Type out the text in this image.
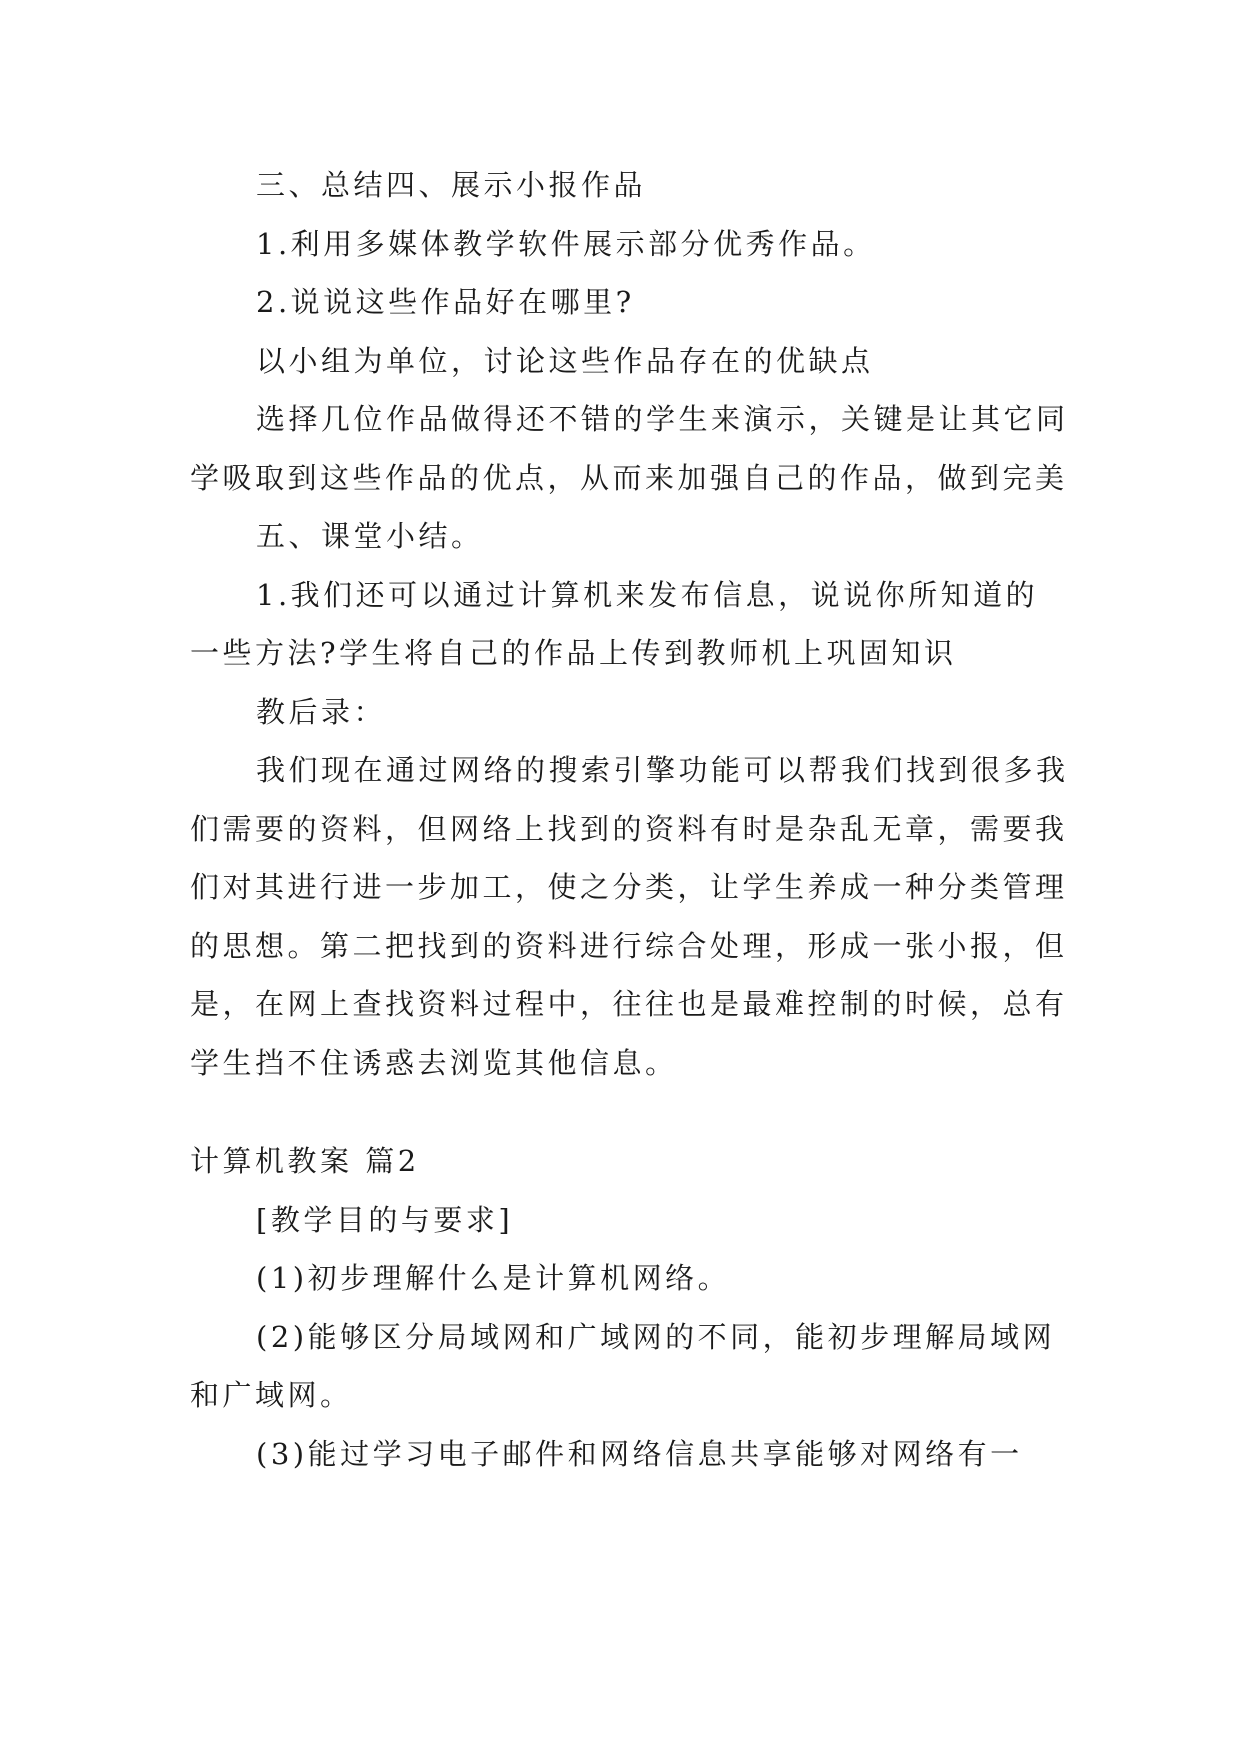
三、总结四、展示小报作品

1.利用多媒体教学软件展示部分优秀作品。

2.说说这些作品好在哪里?

以小组为单位，讨论这些作品存在的优缺点

选择几位作品做得还不错的学生来演示，关键是让其它同学吸取到这些作品的优点，从而来加强自己的作品，做到完美

五、课堂小结。

1.我们还可以通过计算机来发布信息，说说你所知道的一些方法?学生将自己的作品上传到教师机上巩固知识

教后录：

我们现在通过网络的搜索引擎功能可以帮我们找到很多我们需要的资料，但网络上找到的资料有时是杂乱无章，需要我们对其进行进一步加工，使之分类，让学生养成一种分类管理的思想。第二把找到的资料进行综合处理，形成一张小报，但是，在网上查找资料过程中，往往也是最难控制的时候，总有学生挡不住诱惑去浏览其他信息。

计算机教案 篇2

[教学目的与要求]

(1)初步理解什么是计算机网络。

(2)能够区分局域网和广域网的不同，能初步理解局域网和广域网。

(3)能过学习电子邮件和网络信息共享能够对网络有一
